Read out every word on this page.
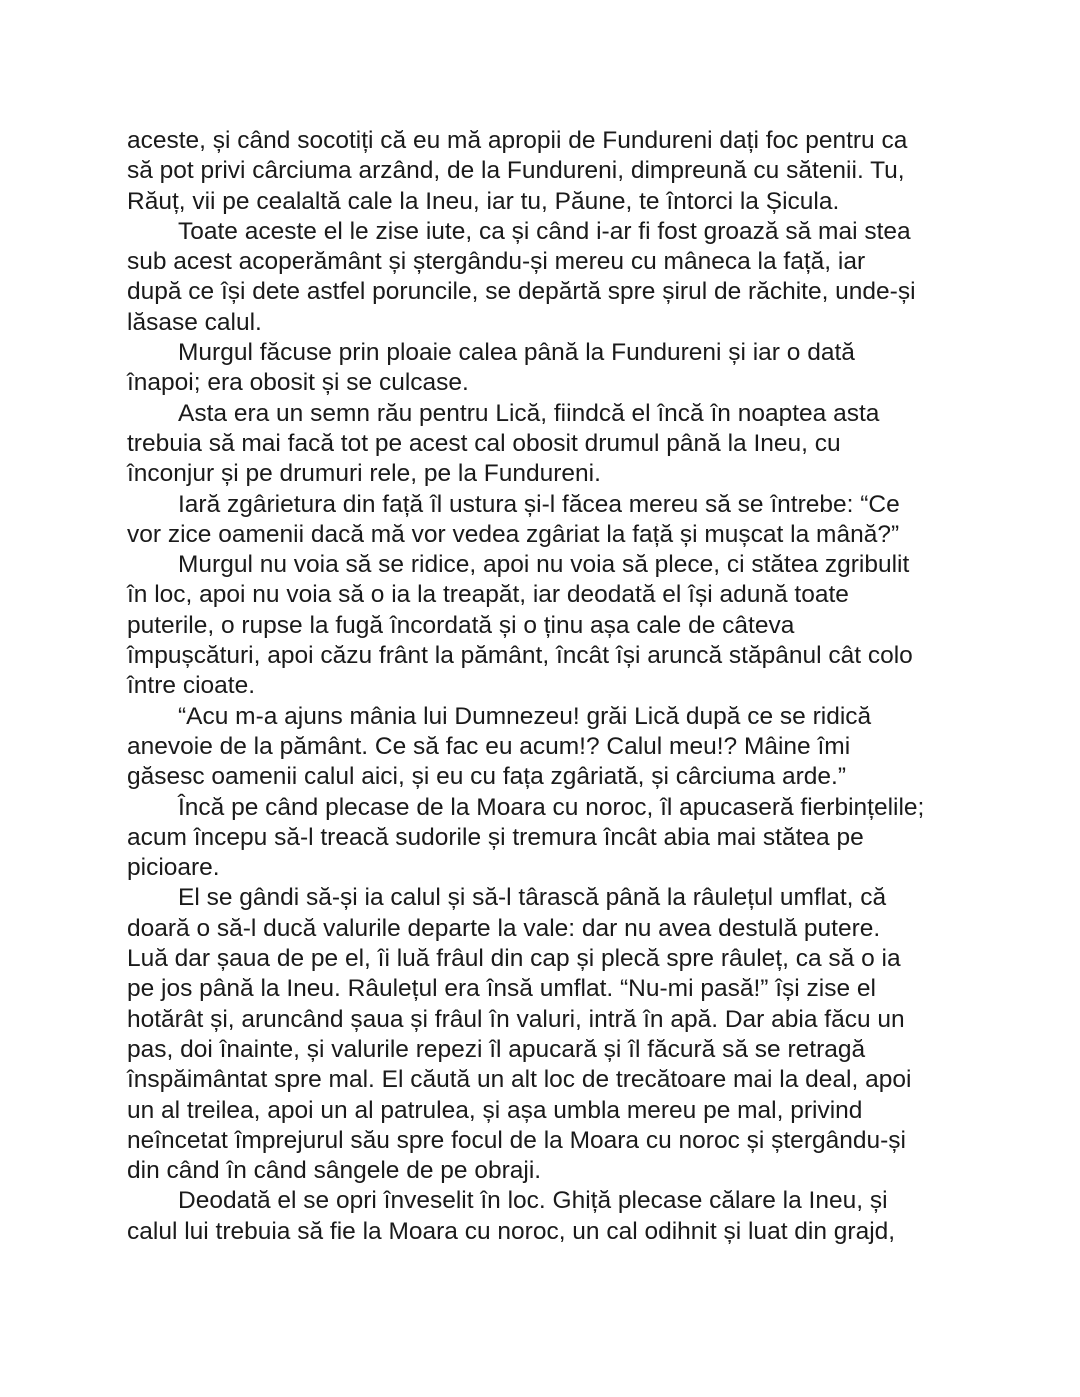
aceste, și când socotiți că eu mă apropii de Fundureni dați foc pentru ca
să pot privi cârciuma arzând, de la Fundureni, dimpreună cu sătenii. Tu,
Răuț, vii pe cealaltă cale la Ineu, iar tu, Păune, te întorci la Șicula.
Toate aceste el le zise iute, ca și când i-ar fi fost groază să mai stea
sub acest acoperământ și ștergându-și mereu cu mâneca la față, iar
după ce își dete astfel poruncile, se depărtă spre șirul de răchite, unde-și
lăsase calul.
Murgul făcuse prin ploaie calea până la Fundureni și iar o dată
înapoi; era obosit și se culcase.
Asta era un semn rău pentru Lică, fiindcă el încă în noaptea asta
trebuia să mai facă tot pe acest cal obosit drumul până la Ineu, cu
înconjur și pe drumuri rele, pe la Fundureni.
Iară zgârietura din față îl ustura și-l făcea mereu să se întrebe: “Ce
vor zice oamenii dacă mă vor vedea zgâriat la față și mușcat la mână?”
Murgul nu voia să se ridice, apoi nu voia să plece, ci stătea zgribulit
în loc, apoi nu voia să o ia la treapăt, iar deodată el își adună toate
puterile, o rupse la fugă încordată și o ținu așa cale de câteva
împușcături, apoi căzu frânt la pământ, încât își aruncă stăpânul cât colo
între cioate.
“Acu m-a ajuns mânia lui Dumnezeu! grăi Lică după ce se ridică
anevoie de la pământ. Ce să fac eu acum!? Calul meu!? Mâine îmi
găsesc oamenii calul aici, și eu cu fața zgâriată, și cârciuma arde.”
Încă pe când plecase de la Moara cu noroc, îl apucaseră fierbințelile;
acum începu să-l treacă sudorile și tremura încât abia mai stătea pe
picioare.
El se gândi să-și ia calul și să-l târască până la râulețul umflat, că
doară o să-l ducă valurile departe la vale: dar nu avea destulă putere.
Luă dar șaua de pe el, îi luă frâul din cap și plecă spre râuleț, ca să o ia
pe jos până la Ineu. Râulețul era însă umflat. “Nu-mi pasă!” își zise el
hotărât și, aruncând șaua și frâul în valuri, intră în apă. Dar abia făcu un
pas, doi înainte, și valurile repezi îl apucară și îl făcură să se retragă
înspăimântat spre mal. El căută un alt loc de trecătoare mai la deal, apoi
un al treilea, apoi un al patrulea, și așa umbla mereu pe mal, privind
neîncetat împrejurul său spre focul de la Moara cu noroc și ștergându-și
din când în când sângele de pe obraji.
Deodată el se opri înveselit în loc. Ghiță plecase călare la Ineu, și
calul lui trebuia să fie la Moara cu noroc, un cal odihnit și luat din grajd,
